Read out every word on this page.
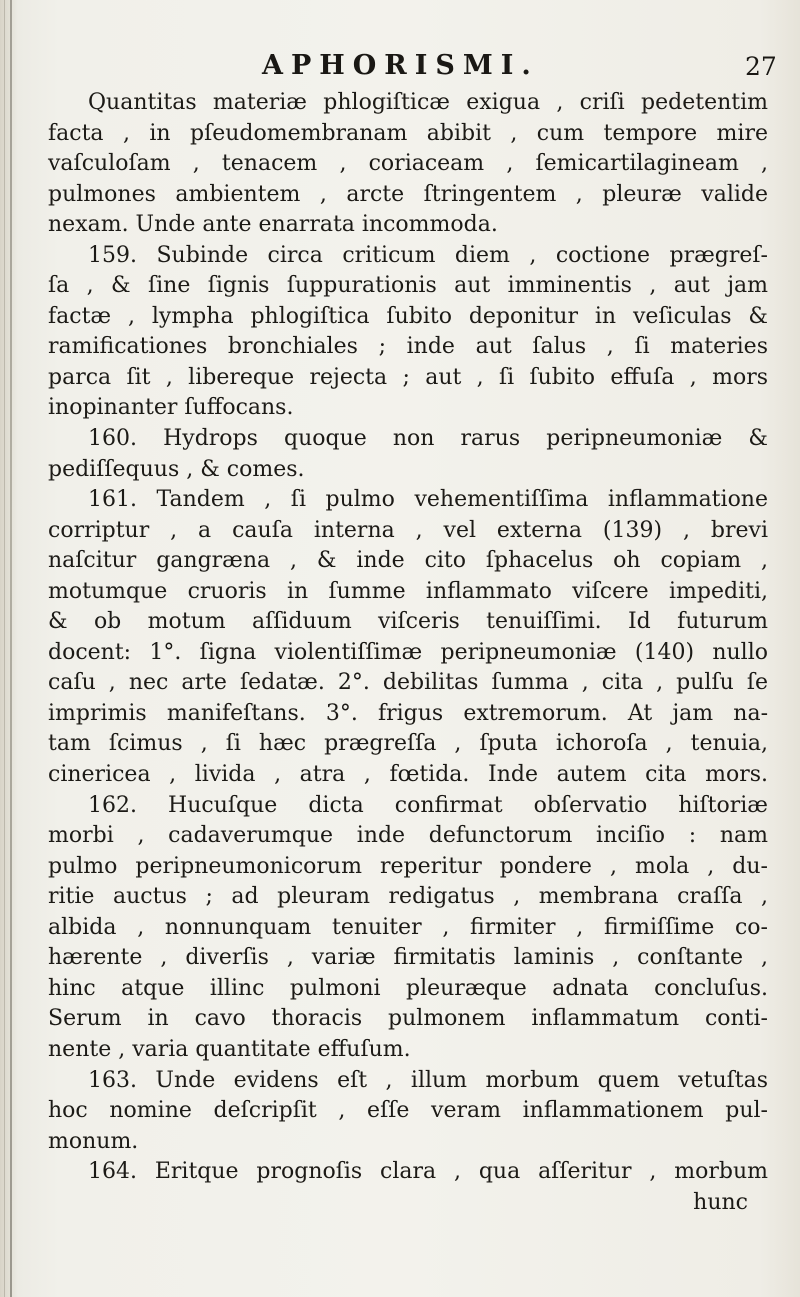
APHORISMI.	27
Quantitas materiæ phlogiſticæ exigua , criſi pedetentim
facta , in pſeudomembranam abibit , cum tempore mire
vaſculoſam , tenacem , coriaceam , ſemicartilagineam ,
pulmones ambientem , arcte ſtringentem , pleuræ valide
nexam. Unde ante enarrata incommoda.
159. Subinde circa criticum diem , coctione prægreſ-
ſa , & ſine ſignis ſuppurationis aut imminentis , aut jam
factæ , lympha phlogiſtica ſubito deponitur in veſiculas &
ramificationes bronchiales ; inde aut ſalus , ſi materies
parca ſit , libereque rejecta ; aut , ſi ſubito effuſa , mors
inopinanter ſuffocans.
160. Hydrops quoque non rarus peripneumoniæ &
pediſſequus , & comes.
161. Tandem , ſi pulmo vehementiſſima inflammatione
corriptur , a cauſa interna , vel externa (139) , brevi
naſcitur gangræna , & inde cito ſphacelus oh copiam ,
motumque cruoris in ſumme inflammato viſcere impediti,
& ob motum aſſiduum viſceris tenuiſſimi. Id futurum
docent: 1°. ſigna violentiſſimæ peripneumoniæ (140) nullo
caſu , nec arte ſedatæ. 2°. debilitas ſumma , cita , pulſu ſe
imprimis manifeſtans. 3°. frigus extremorum. At jam na-
tam ſcimus , ſi hæc prægreſſa , ſputa ichoroſa , tenuia,
cinericea , livida , atra , fœtida. Inde autem cita mors.
162. Hucuſque dicta confirmat obſervatio hiſtoriæ
morbi , cadaverumque inde defunctorum inciſio : nam
pulmo peripneumonicorum reperitur pondere , mola , du-
ritie auctus ; ad pleuram redigatus , membrana craſſa ,
albida , nonnunquam tenuiter , firmiter , firmiſſime co-
hærente , diverſis , variæ firmitatis laminis , conſtante ,
hinc atque illinc pulmoni pleuræque adnata concluſus.
Serum in cavo thoracis pulmonem inflammatum conti-
nente , varia quantitate effuſum.
163. Unde evidens eſt , illum morbum quem vetuſtas
hoc nomine deſcripſit , eſſe veram inflammationem pul-
monum.
164. Eritque prognoſis clara , qua aſſeritur , morbum
hunc
